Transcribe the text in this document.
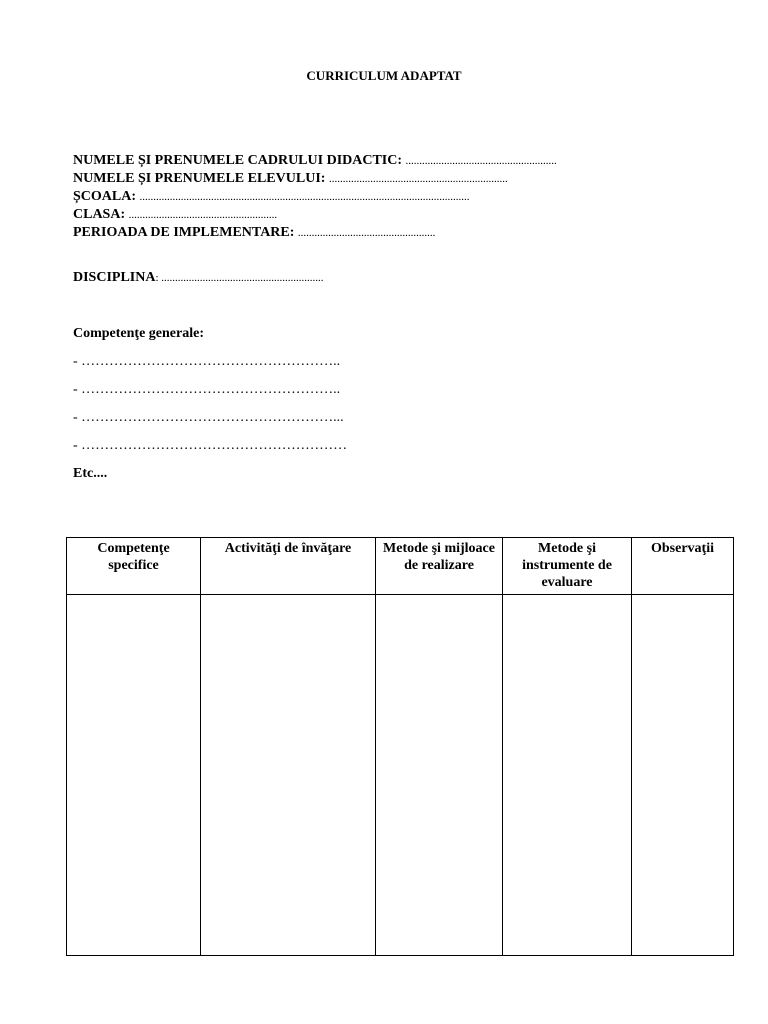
CURRICULUM ADAPTAT
NUMELE ȘI PRENUMELE CADRULUI DIDACTIC: .......................................................
NUMELE ȘI PRENUMELE ELEVULUI: .................................................................
ȘCOALA: ........................................................................................................................
CLASA: ......................................................
PERIOADA DE IMPLEMENTARE: ..................................................
DISCIPLINA: ...........................................................
Competenţe generale:
- ………………………………………………..
- ………………………………………………..
- ………………………………………………...
- …………………………………………………
Etc....
Competenţe specifice	Activităţi de învăţare	Metode şi mijloace de realizare	Metode şi instrumente de evaluare	Observaţii
